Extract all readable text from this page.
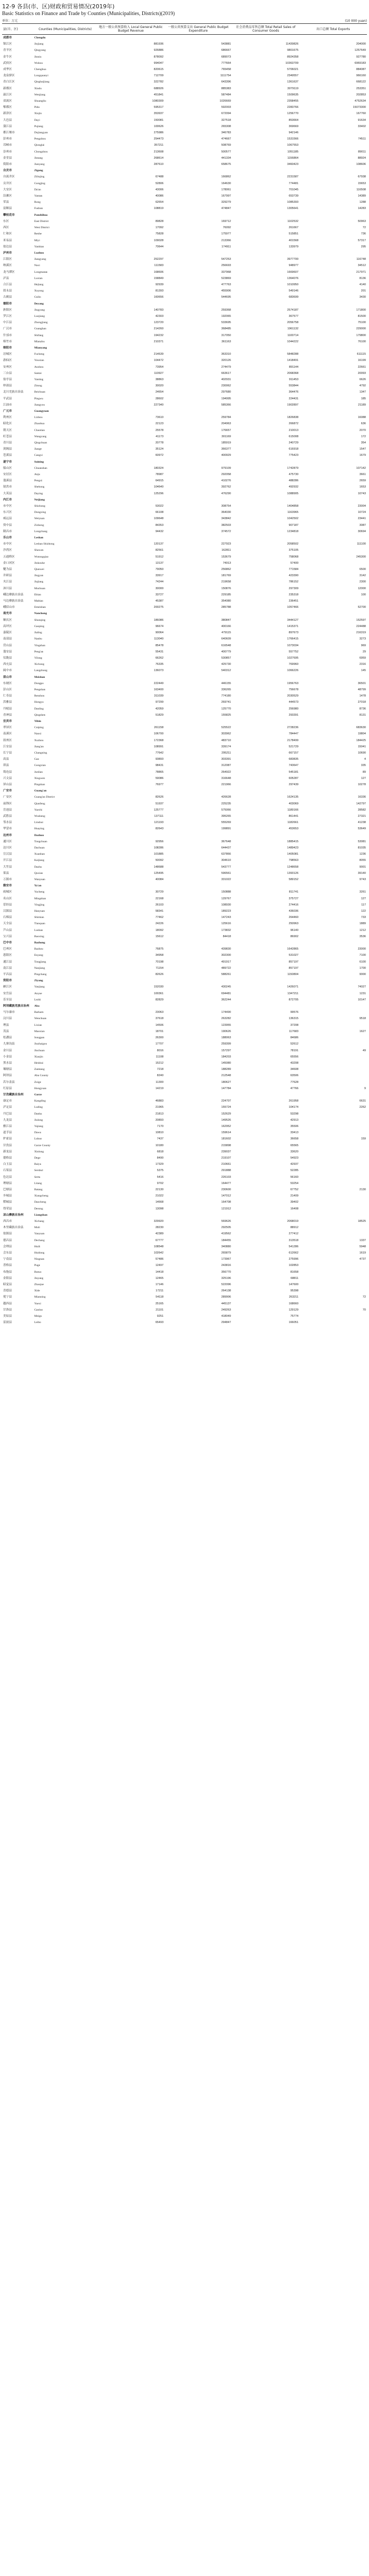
12-9 各县(市、区)财政和贸易情况(2019年)
Basic Statistics on Finance and Trade by Counties (Municipalities, Districts)(2019)
单位：万元	(10 000 yuan)
县(市、区)	Counties (Municipalities, Districts)	地方一般公共预算收入 Local General Public Budget Revenue	一般公共预算支出 General Public Budget Expenditure	社会消费品零售总额 Total Retail Sales of Consumer Goods	出口总额 Total Exports
成都市	Chengdu				
锦江区	Jinjiang	881936	543881	11439826	204000
青羊区	Qingyang	926886	686667	9801675	1257649
金牛区	Jinniu	878092	689073	8924358	927780
武侯区	Wuhou	994047	777664	10363709	6969183
成华区	Chenghua	820615	765458	5706021	884087
龙泉驿区	Longquanyi	712709	1111754	2349557	966160
青白江区	Qingbaijiang	322782	643396	1361637	668122
新都区	Xindu	688926	885383	3079119	253351
温江区	Wenjiang	451841	587484	1509635	202853
双流区	Shuangliu	1080309	1026669	2358455	4752634
郫都区	Pidu	595317	592003	2283766	15073300
新津区	Xinjin	353937	672094	1256770	167760
大邑县	Dayi	150081	327518	853664	91634
蒲江县	Pujiang	100626	265308	369669	33402
都江堰市	Dujiangyan	275986	346783	942146	
彭州市	Pengzhou	254473	474667	1531566	74511
邛崃市	Qionglai	357211	508769	1067553	
崇州市	Chongzhou	213608	500577	1051185	89011
金堂县	Jintang	268614	441334	1156864	88924
简阳市	Jianyang	287610	658675	3460423	108606
自贡市	Zigong				
自流井区	Ziliujing	67488	166862	2231587	67938
贡井区	Gongjing	52806	164630	774481	15653
大安区	Da'an	43006	178061	701045	116508
沿滩区	Yantan	40086	167997	653739	14389
荣县	Rong	62654	329279	1085393	1288
富顺县	Fushun	108819	474847	1305641	14283
攀枝花市	Panzhihua				
东区	East District	89828	169712	1102532	50963
西区	West District	17092	76092	261667	72
仁和区	Renhe	75828	175977	515851	736
米易县	Miyi	109028	213366	401568	57317
盐边县	Yanbian	70644	174911	133979	295
泸州市	Luzhou				
江阳区	Jiangyang	252297	547253	3977700	116748
纳溪区	Naxi	111583	256693	948977	34512
龙马潭区	Longmatan	168606	337968	1669607	217971
泸县	Luxian	158849	523869	1364076	8136
合江县	Hejiang	92939	477763	1010950	4140
叙永县	Xuyong	81393	455906	549146	201
古蔺县	Gulin	160656	544695	683699	3430
德阳市	Deyang				
旌阳区	Jingyang	140783	259368	2574187	171800
罗江区	Luojiang	42303	192065	367577	81500
中江县	Zhongjiang	123720	533695	2056758	75100
广汉市	Guanghan	214260	368485	1961132	229000
什邡市	Shifang	194232	317050	1100714	179800
绵竹市	Mianzhu	210371	361163	1044222	76100
绵阳市	Mianyang				
涪城区	Fucheng	214639	363310	5848288	611115
游仙区	Youxian	104472	320126	1418491	16199
安州区	Anzhou	73954	274479	891144	22661
三台县	Santai	110927	663617	2068368	20093
盐亭县	Yanting	38863	402931	911453	6626
梓潼县	Zitong	30020	230062	553844	4792
北川羌族自治县	Beichuan	24654	297680	364476	1347
平武县	Pingwu	28602	194995	224431	185
江油市	Jiangyou	227340	585366	1902897	21189
广元市	Guangyuan				
利州区	Lizhou	73610	259784	1826838	16088
昭化区	Zhaohua	22123	204963	266872	636
朝天区	Chaotian	25578	176657	210013	2070
旺苍县	Wangcang	41173	301169	615008	172
青川县	Qingchuan	20778	185919	240729	354
剑阁县	Jiange	35124	366377	616918	1547
苍溪县	Cangxi	60972	400929	775423	1679
遂宁市	Suining				
船山区	Chuanshan	180324	979109	1742879	107142
安居区	Anju	78987	292058	475730	3661
蓬溪县	Pengxi	64915	410276	488286	2659
射洪市	Shehong	104640	392762	492932	1653
大英县	Daying	125296	476290	1088905	10743
内江市	Neijiang				
市中区	Shizhong	53022	308754	1404858	23004
东兴区	Dongxing	66108	364030	1163965	10724
威远县	Weiyuan	109648	343842	1042502	23441
资中县	Zizhong	84353	382503	907187	3087
隆昌市	Longchang	94432	374572	1234818	30694
乐山市	Leshan				
市中区	Leshan Shizhong	120137	227923	2058502	111100
沙湾区	Shawan	82561	162811	375105	
五通桥区	Wutongqiao	51912	153679	758068	245300
金口河区	Jinkouhe	13137	74913	57400	
犍为县	Qianwei	79050	256862	771584	6500
井研县	Jingyan	33917	181769	423390	3142
夹江县	Jiajiang	74244	219658	786152	2300
沐川县	Muchuan	30000	150876	297309	12000
峨边彝族自治县	Ebian	33727	229185	235318	100
马边彝族自治县	Mabian	45387	354080	236451	
峨眉山市	Emeishan	200275	285788	1057466	52700
南充市	Nanchong				
顺庆区	Shunqing	186086	380847	3444127	152597
高坪区	Gaoping	96674	400166	1415371	224488
嘉陵区	Jialing	90064	479115	897673	216319
南部县	Nanbu	113040	640609	1766415	3273
营山县	Yingshan	85478	616548	1073034	969
蓬安县	Peng'an	55431	400779	557752	29
仪陇县	Yilong	66262	530857	1027695	6959
西充县	Xichong	76335	425730	769960	2316
阆中市	Langzhong	136073	540312	1066226	145
眉山市	Meishan				
东坡区	Dongpo	222449	446155	1956763	36501
彭山区	Pengshan	163400	336265	756678	48799
仁寿县	Renshou	311039	774180	2030529	1478
洪雅县	Hongya	97299	269741	444573	27018
丹棱县	Danling	42059	125770	256980	8736
青神县	Qingshen	51829	155825	293391	8131
宜宾市	Yibin				
翠屏区	Cuiping	261158	525522	2728236	683630
南溪区	Nanxi	106700	303962	784447	19804
叙州区	Xuzhou	172368	483710	2178499	184425
江安县	Jiang'an	108991	339174	521729	15041
长宁县	Changning	77642	295211	667157	10690
高县	Gao	93893	303391	683835	4
珙县	Gongxian	98431	312087	743647	335
筠连县	Junlian	78865	264922	545181	89
兴文县	Xingwen	59086	316648	605287	127
屏山县	Pingshan	76977	221966	297439	10278
广安市	Guang'an				
广安区	Guang'an District	82626	426628	1624135	16336
前锋区	Qianfeng	51937	225235	403069	142797
岳池县	Yuechi	125777	575066	1189166	28582
武胜县	Wusheng	137111	395265	861441	27321
邻水县	Linshui	121193	555269	1182661	41238
华蓥市	Huaying	82643	199891	453653	53649
达州市	Dazhou				
通川区	Tongchuan	92956	367648	1885415	53081
达川区	Dachuan	108286	644437	1489423	81035
宣汉县	Xuanhan	101885	637866	1405081	1236
开江县	Kaijiang	50092	304610	798563	8055
大竹县	Dazhu	148688	543777	1248658	9001
渠县	Quxian	125495	596561	1393126	39140
万源市	Wanyuan	40084	331022	589152	9743
雅安市	Ya'an				
雨城区	Yucheng	30729	150888	811741	3261
名山区	Mingshan	22168	129767	375727	127
荥经县	Yingjing	26103	108930	274416	117
汉源县	Hanyuan	58341	189223	436036	122
石棉县	Shimian	77462	147243	264460	733
天全县	Tianquan	24226	125616	250963	1889
芦山县	Lushan	18092	173832	96140	1212
宝兴县	Baoxing	15612	84418	86902	3536
巴中市	Bazhong				
巴州区	Bazhou	76875	439830	1642865	23000
恩阳区	Enyang	34958	302300	531027	7100
通江县	Tongjiang	70198	491917	857197	6100
南江县	Nanjiang	71154	489722	857197	1700
平昌县	Pingchang	82626	588261	1150804	9000
资阳市	Ziyang				
雁江区	Yanjiang	152030	430245	1426071	74027
安岳县	Anyue	100361	694481	1347211	1231
乐至县	Lezhi	82829	362244	872705	10147
阿坝藏族羌族自治州	Aba				
马尔康市	Barkam	23063	174490	99576	
汶川县	Wenchuan	37618	263282	136315	9518
理县	Lixian	14506	123955	37208	
茂县	Maoxian	18701	190626	117683	1627
松潘县	Songpan	26300	188063	84686	
九寨沟县	Jiuzhaigou	17707	259399	52612	
金川县	Jinchuan	8016	157297	78191	49
小金县	Xiaojin	11108	184203	65556	
黑水县	Heishui	15212	145080	43208	
壤塘县	Zamtang	7218	188289	34608	
阿坝县	Aba County	8240	212548	63506	
若尔盖县	Zoige	11300	180627	77628	
红原县	Hongyuan	14219	147784	47766	9
甘孜藏族自治州	Garze				
康定市	Kangding	46883	224707	261958	6631
泸定县	Luding	21965	155724	104174	2262
丹巴县	Danba	21813	152629	53298	
九龙县	Jiulong	20893	149526	42913	
雅江县	Yajiang	7170	162952	35506	
道孚县	Dawu	10810	159614	33413	
炉霍县	Luhuo	7437	181602	36658	159
甘孜县	Garze County	10180	215898	65565	
新龙县	Xinlong	6818	239037	33620	
德格县	Dege	8490	219107	54923	
白玉县	Baiyu	17329	210661	42937	
石渠县	Sershul	5375	291888	52285	
色达县	Serta	5416	226103	56160	
理塘县	Litang	9702	164477	53254	
巴塘县	Batang	22130	230600	67752	2130
乡城县	Xiangcheng	21022	147012	21409	
稻城县	Daocheng	14668	164708	39402	
得荣县	Derong	13098	121912	16408	
凉山彝族自治州	Liangshan				
西昌市	Xichang	329920	569626	2068019	18525
木里藏族自治县	Muli	28230	292505	88912	
盐源县	Yanyuan	42389	419562	277412	
德昌县	Dechang	67777	184455	313518	1337
会理县	Huili	108548	340880	541286	5948
会东县	Huidong	102642	265879	612662	1619
宁南县	Ningnan	57486	173967	275996	4737
普格县	Puge	12497	243816	102853	
布拖县	Butuo	14418	356770	81658	
金阳县	Jinyang	12465	325196	68811	
昭觉县	Zhaojue	17146	522096	147600	
喜德县	Xide	17211	264138	95398	
冕宁县	Mianning	54118	289906	263211	72
越西县	Yuexi	25165	445137	168660	
甘洛县	Ganluo	21101	249263	129129	70
美姑县	Meigu	9251	418049	75774	
雷波县	Leibo	65493	294847	166051	
